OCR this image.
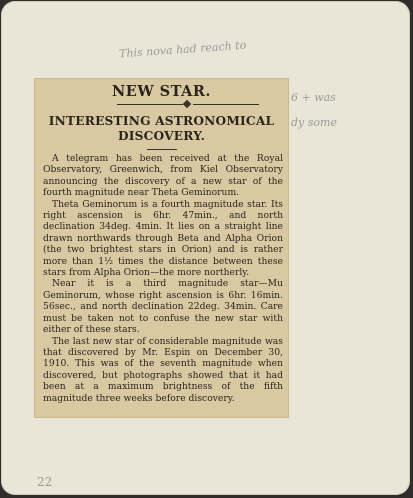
This nova had reach to
6 + was
dy some
NEW STAR.
INTERESTING ASTRONOMICAL
DISCOVERY.

A telegram has been received at the Royal Observatory, Greenwich, from Kiel Observatory announcing the discovery of a new star of the fourth magnitude near Theta Geminorum.

Theta Geminorum is a fourth magnitude star. Its right ascension is 6hr. 47min., and north declination 34deg. 4min. It lies on a straight line drawn northwards through Beta and Alpha Orion (the two brightest stars in Orion) and is rather more than 1½ times the distance between these stars from Alpha Orion—the more northerly.

Near it is a third magnitude star—Mu Geminorum, whose right ascension is 6hr. 16min. 56sec., and north declination 22deg. 34min. Care must be taken not to confuse the new star with either of these stars.

The last new star of considerable magnitude was that discovered by Mr. Espin on December 30, 1910. This was of the seventh magnitude when discovered, but photographs showed that it had been at a maximum brightness of the fifth magnitude three weeks before discovery.

22
